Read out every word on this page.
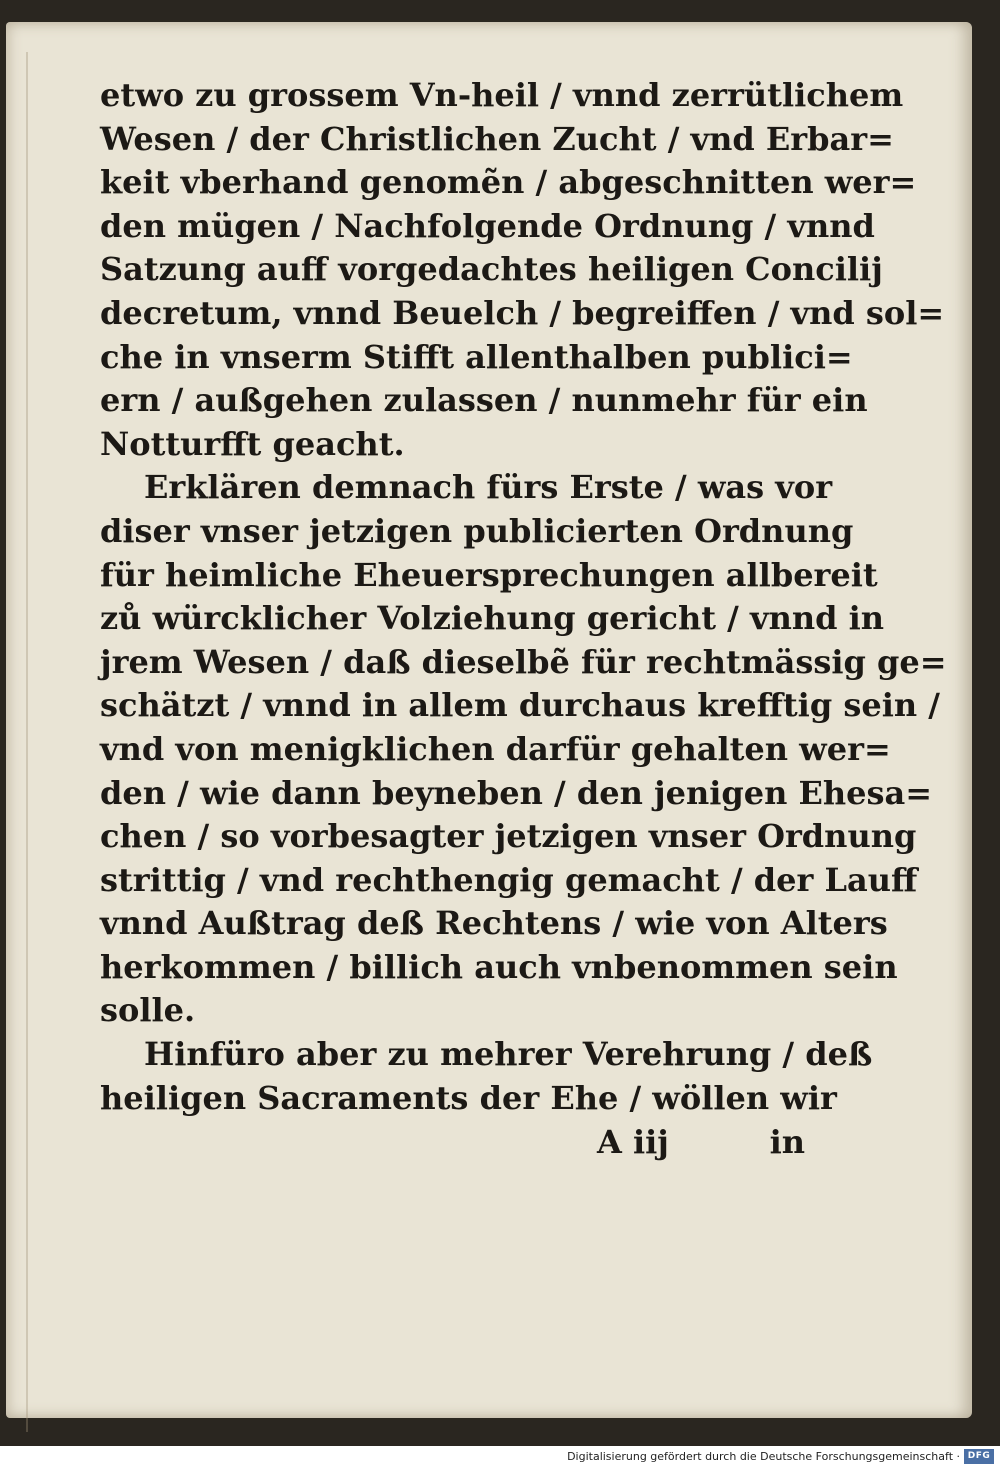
etwo zu grossem Vn-heil / vnnd zerrütlichem
Wesen / der Christlichen Zucht / vnd Erbar=
keit vberhand genomẽn / abgeschnitten wer=
den mügen / Nachfolgende Ordnung / vnnd
Satzung auff vorgedachtes heiligen Concilij
decretum, vnnd Beuelch / begreiffen / vnd sol=
che in vnserm Stifft allenthalben publici=
ern / außgehen zulassen / nunmehr für ein
Notturfft geacht.
Erklären demnach fürs Erste / was vor
diser vnser jetzigen publicierten Ordnung
für heimliche Eheuersprechungen allbereit
zů würcklicher Volziehung gericht / vnnd in
jrem Wesen / daß dieselbẽ für rechtmässig ge=
schätzt / vnnd in allem durchaus krefftig sein /
vnd von menigklichen darfür gehalten wer=
den / wie dann beyneben / den jenigen Ehesa=
chen / so vorbesagter jetzigen vnser Ordnung
strittig / vnd rechthengig gemacht / der Lauff
vnnd Außtrag deß Rechtens / wie von Alters
herkommen / billich auch vnbenommen sein
solle.
Hinfüro aber zu mehrer Verehrung / deß
heiligen Sacraments der Ehe / wöllen wir
A iij	in
Digitalisierung gefördert durch die Deutsche Forschungsgemeinschaft · DFG
